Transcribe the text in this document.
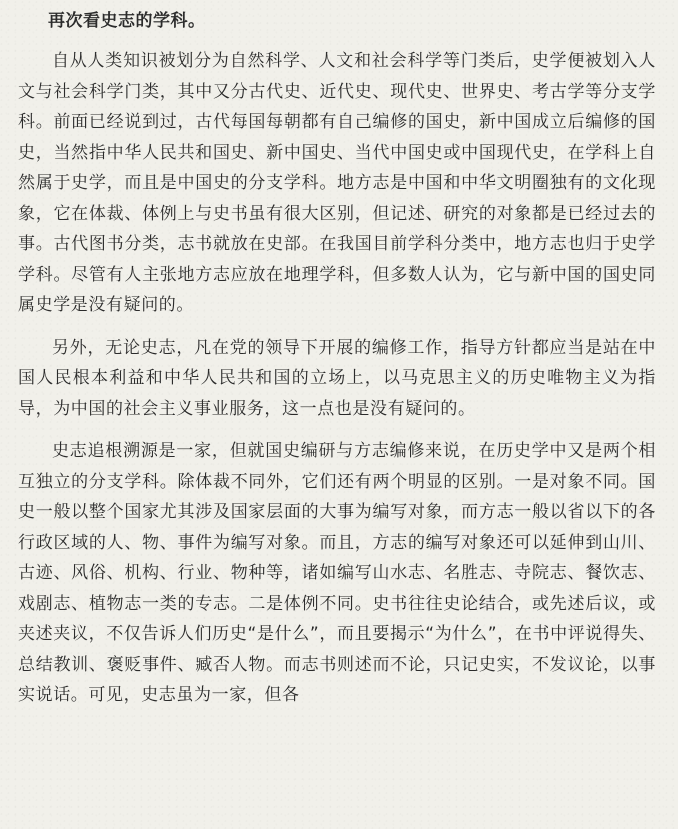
再次看史志的学科。

自从人类知识被划分为自然科学、人文和社会科学等门类后，史学便被划入人文与社会科学门类，其中又分古代史、近代史、现代史、世界史、考古学等分支学科。前面已经说到过，古代每国每朝都有自己编修的国史，新中国成立后编修的国史，当然指中华人民共和国史、新中国史、当代中国史或中国现代史，在学科上自然属于史学，而且是中国史的分支学科。地方志是中国和中华文明圈独有的文化现象，它在体裁、体例上与史书虽有很大区别，但记述、研究的对象都是已经过去的事。古代图书分类，志书就放在史部。在我国目前学科分类中，地方志也归于史学学科。尽管有人主张地方志应放在地理学科，但多数人认为，它与新中国的国史同属史学是没有疑问的。

另外，无论史志，凡在党的领导下开展的编修工作，指导方针都应当是站在中国人民根本利益和中华人民共和国的立场上，以马克思主义的历史唯物主义为指导，为中国的社会主义事业服务，这一点也是没有疑问的。

史志追根溯源是一家，但就国史编研与方志编修来说，在历史学中又是两个相互独立的分支学科。除体裁不同外，它们还有两个明显的区别。一是对象不同。国史一般以整个国家尤其涉及国家层面的大事为编写对象，而方志一般以省以下的各行政区域的人、物、事件为编写对象。而且，方志的编写对象还可以延伸到山川、古迹、风俗、机构、行业、物种等，诸如编写山水志、名胜志、寺院志、餐饮志、戏剧志、植物志一类的专志。二是体例不同。史书往往史论结合，或先述后议，或夹述夹议，不仅告诉人们历史“是什么”，而且要揭示“为什么”，在书中评说得失、总结教训、褒贬事件、臧否人物。而志书则述而不论，只记史实，不发议论，以事实说话。可见，史志虽为一家，但各
